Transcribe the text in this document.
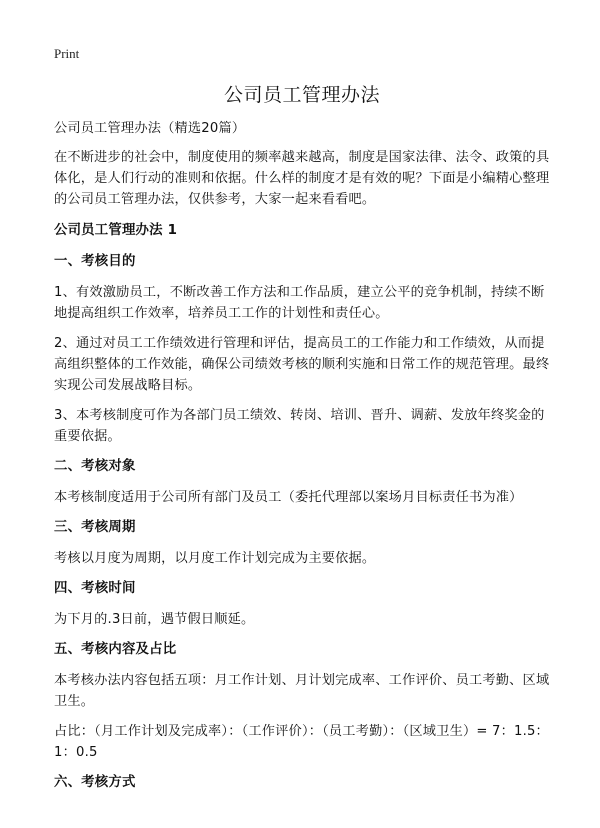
Print
公司员工管理办法

公司员工管理办法（精选20篇）

在不断进步的社会中，制度使用的频率越来越高，制度是国家法律、法令、政策的具体化，是人们行动的准则和依据。什么样的制度才是有效的呢？下面是小编精心整理的公司员工管理办法，仅供参考，大家一起来看看吧。

公司员工管理办法 1

一、考核目的

1、有效激励员工，不断改善工作方法和工作品质，建立公平的竞争机制，持续不断地提高组织工作效率，培养员工工作的计划性和责任心。

2、通过对员工工作绩效进行管理和评估，提高员工的工作能力和工作绩效，从而提高组织整体的工作效能，确保公司绩效考核的顺利实施和日常工作的规范管理。最终实现公司发展战略目标。

3、本考核制度可作为各部门员工绩效、转岗、培训、晋升、调薪、发放年终奖金的重要依据。

二、考核对象

本考核制度适用于公司所有部门及员工（委托代理部以案场月目标责任书为准）

三、考核周期

考核以月度为周期，以月度工作计划完成为主要依据。

四、考核时间

为下月的.3日前，遇节假日顺延。

五、考核内容及占比

本考核办法内容包括五项：月工作计划、月计划完成率、工作评价、员工考勤、区域卫生。

占比：（月工作计划及完成率）：（工作评价）：（员工考勤）：（区域卫生）= 7：1.5：1：0.5

六、考核方式
